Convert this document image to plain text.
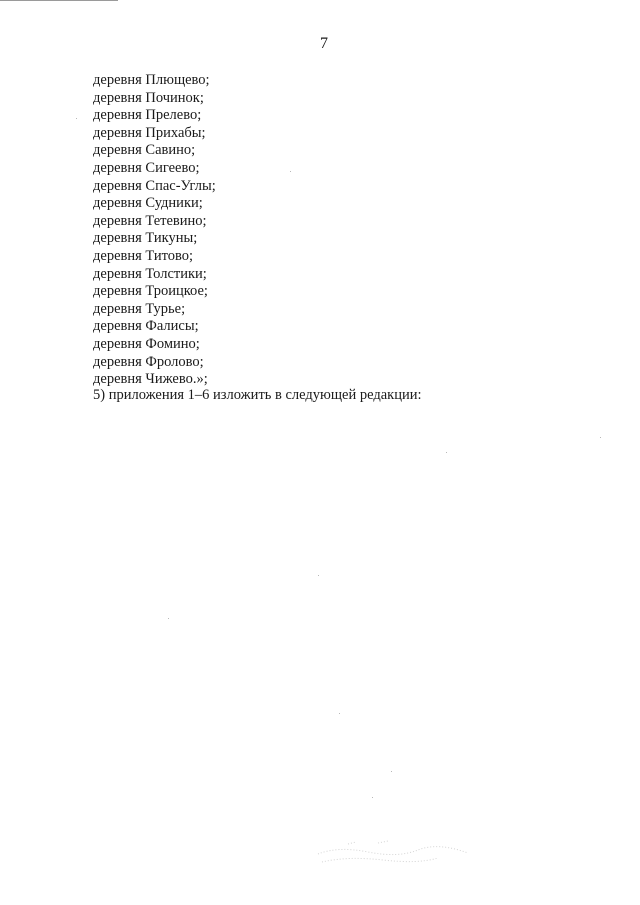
7
деревня Плющево;
деревня Починок;
деревня Прелево;
деревня Прихабы;
деревня Савино;
деревня Сигеево;
деревня Спас-Углы;
деревня Судники;
деревня Тетевино;
деревня Тикуны;
деревня Титово;
деревня Толстики;
деревня Троицкое;
деревня Турье;
деревня Фалисы;
деревня Фомино;
деревня Фролово;
деревня Чижево.»;
5) приложения 1–6 изложить в следующей редакции:
